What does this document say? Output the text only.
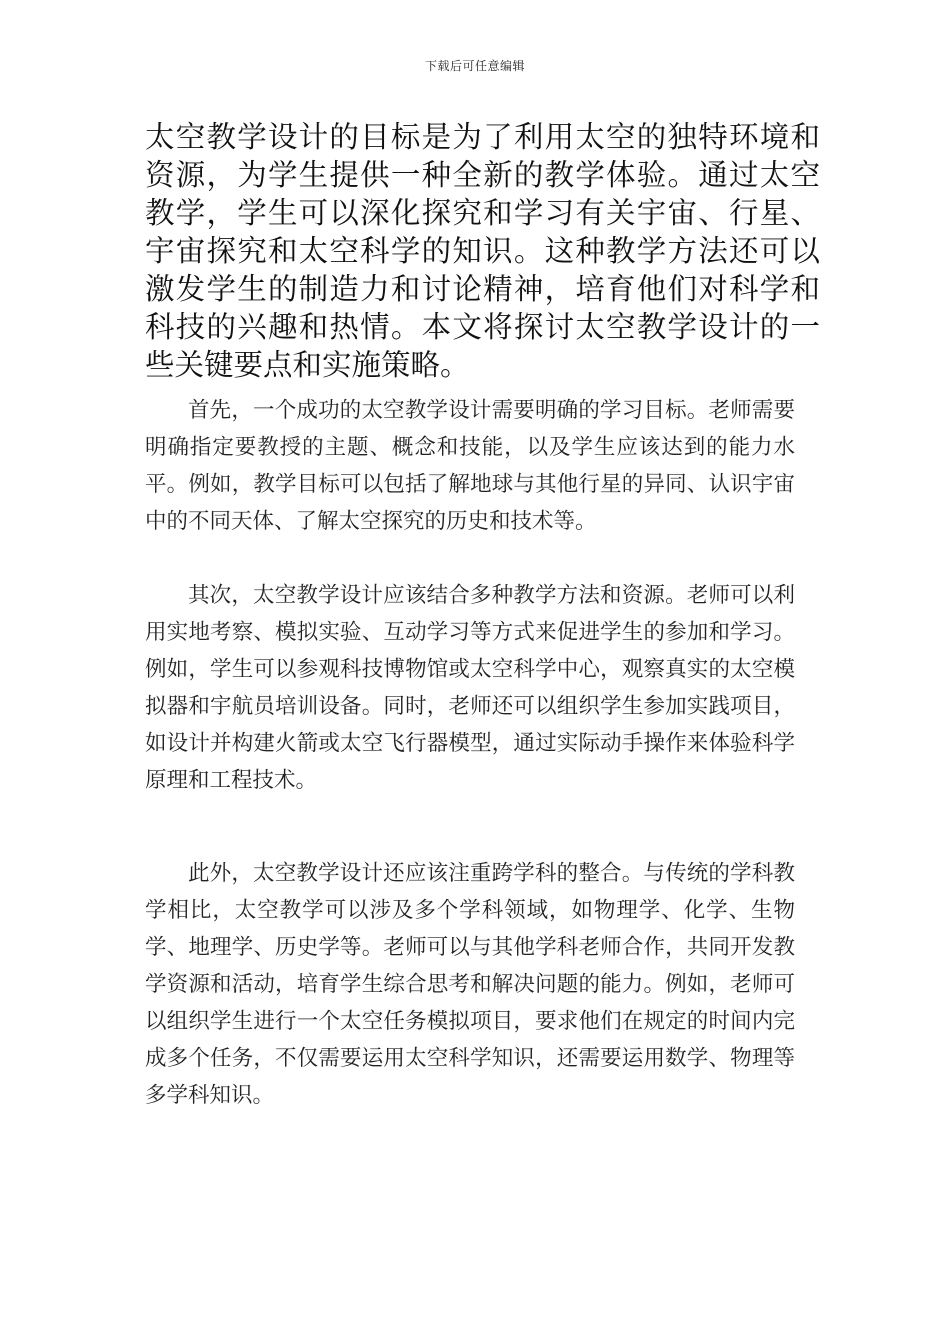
下载后可任意编辑

太空教学设计的目标是为了利用太空的独特环境和资源，为学生提供一种全新的教学体验。通过太空教学，学生可以深化探究和学习有关宇宙、行星、宇宙探究和太空科学的知识。这种教学方法还可以激发学生的制造力和讨论精神，培育他们对科学和科技的兴趣和热情。本文将探讨太空教学设计的一些关键要点和实施策略。

首先，一个成功的太空教学设计需要明确的学习目标。老师需要明确指定要教授的主题、概念和技能，以及学生应该达到的能力水平。例如，教学目标可以包括了解地球与其他行星的异同、认识宇宙中的不同天体、了解太空探究的历史和技术等。

其次，太空教学设计应该结合多种教学方法和资源。老师可以利用实地考察、模拟实验、互动学习等方式来促进学生的参加和学习。例如，学生可以参观科技博物馆或太空科学中心，观察真实的太空模拟器和宇航员培训设备。同时，老师还可以组织学生参加实践项目，如设计并构建火箭或太空飞行器模型，通过实际动手操作来体验科学原理和工程技术。

此外，太空教学设计还应该注重跨学科的整合。与传统的学科教学相比，太空教学可以涉及多个学科领域，如物理学、化学、生物学、地理学、历史学等。老师可以与其他学科老师合作，共同开发教学资源和活动，培育学生综合思考和解决问题的能力。例如，老师可以组织学生进行一个太空任务模拟项目，要求他们在规定的时间内完成多个任务，不仅需要运用太空科学知识，还需要运用数学、物理等多学科知识。
